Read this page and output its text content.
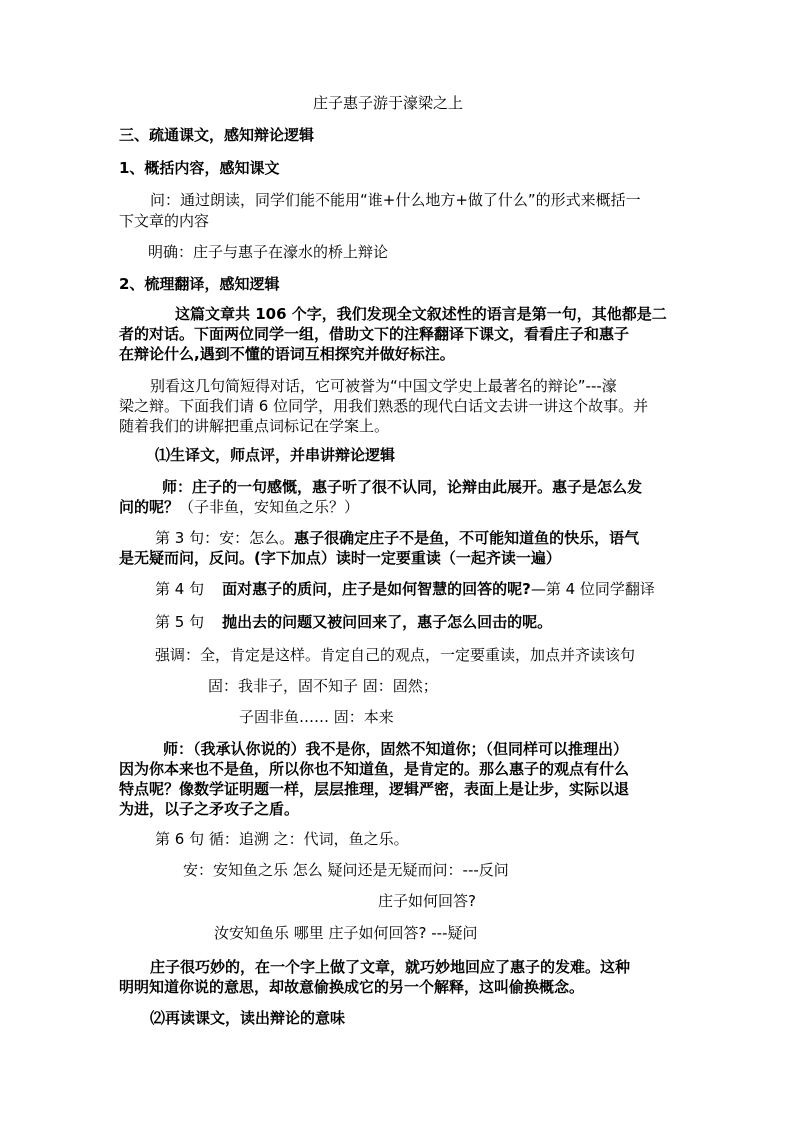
庄子惠子游于濠梁之上
三、疏通课文，感知辩论逻辑
1、概括内容，感知课文
问：通过朗读，同学们能不能用“谁+什么地方+做了什么”的形式来概括一
下文章的内容
明确：庄子与惠子在濠水的桥上辩论
2、梳理翻译，感知逻辑
这篇文章共 106 个字，我们发现全文叙述性的语言是第一句，其他都是二
者的对话。下面两位同学一组，借助文下的注释翻译下课文，看看庄子和惠子
在辩论什么,遇到不懂的语词互相探究并做好标注。
别看这几句简短得对话，它可被誉为“中国文学史上最著名的辩论”---濠
梁之辩。下面我们请 6 位同学，用我们熟悉的现代白话文去讲一讲这个故事。并
随着我们的讲解把重点词标记在学案上。
⑴生译文，师点评，并串讲辩论逻辑
师：庄子的一句感慨，惠子听了很不认同，论辩由此展开。惠子是怎么发
问的呢？（子非鱼，安知鱼之乐？）
第 3 句：安：怎么。惠子很确定庄子不是鱼，不可能知道鱼的快乐，语气
是无疑而问，反问。(字下加点）读时一定要重读（一起齐读一遍）
第 4 句 面对惠子的质问，庄子是如何智慧的回答的呢?—第 4 位同学翻译
第 5 句 抛出去的问题又被问回来了，惠子怎么回击的呢。
强调：全，肯定是这样。肯定自己的观点，一定要重读，加点并齐读该句
固：我非子，固不知子 固：固然；
子固非鱼…… 固：本来
师：（我承认你说的）我不是你，固然不知道你；（但同样可以推理出）
因为你本来也不是鱼，所以你也不知道鱼，是肯定的。那么惠子的观点有什么
特点呢？像数学证明题一样，层层推理，逻辑严密，表面上是让步，实际以退
为进，以子之矛攻子之盾。
第 6 句 循：追溯 之：代词，鱼之乐。
安：安知鱼之乐 怎么 疑问还是无疑而问：---反问
庄子如何回答?
汝安知鱼乐 哪里 庄子如何回答? ---疑问
庄子很巧妙的，在一个字上做了文章，就巧妙地回应了惠子的发难。这种
明明知道你说的意思，却故意偷换成它的另一个解释，这叫偷换概念。
⑵再读课文，读出辩论的意味
